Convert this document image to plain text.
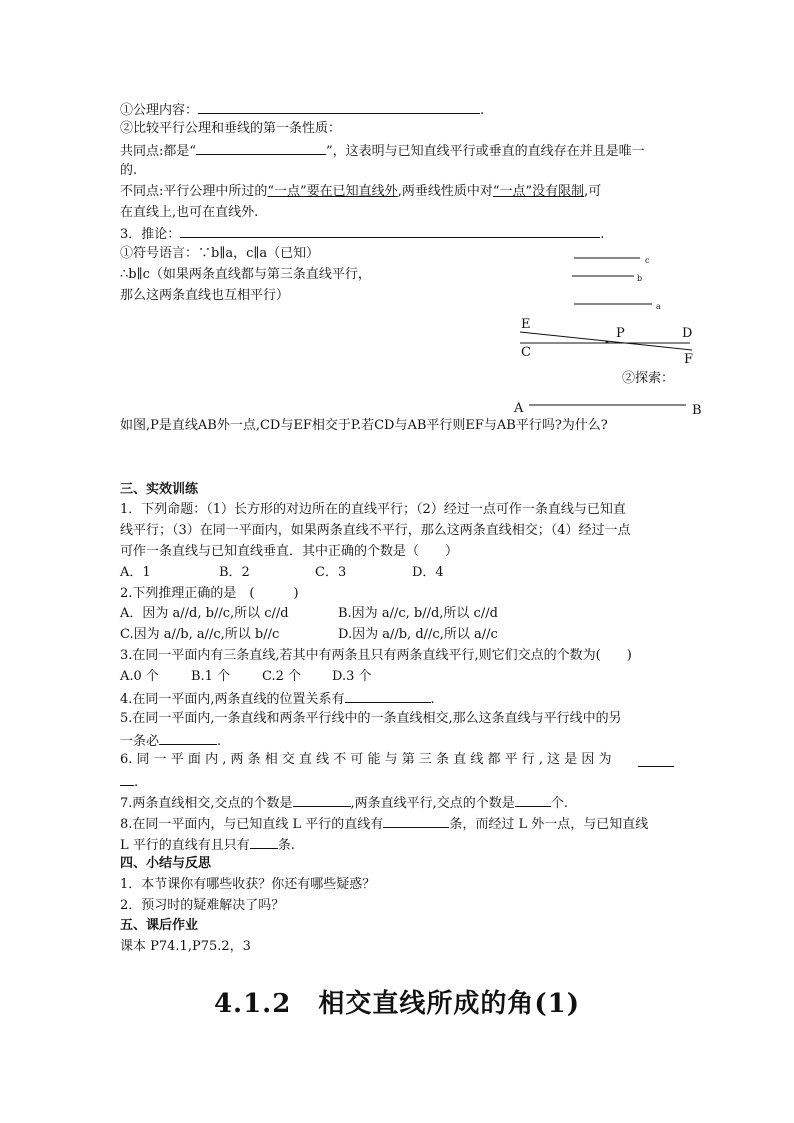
①公理内容：	.
②比较平行公理和垂线的第一条性质：
共同点:都是“	”，这表明与已知直线平行或垂直的直线存在并且是唯一
的.
不同点:平行公理中所过的“一点”要在已知直线外,两垂线性质中对“一点”没有限制,可
在直线上,也可在直线外.
3．推论：	.
①符号语言：∵b∥a，c∥a（已知）
∴b∥c（如果两条直线都与第三条直线平行，
那么这两条直线也互相平行）
c
b
a
E
P	D
C	F
A	B
②探索：
如图,P是直线AB外一点,CD与EF相交于P.若CD与AB平行则EF与AB平行吗?为什么?
三、实效训练
1．下列命题：（1）长方形的对边所在的直线平行；（2）经过一点可作一条直线与已知直
线平行；（3）在同一平面内，如果两条直线不平行，那么这两条直线相交；（4）经过一点
可作一条直线与已知直线垂直．其中正确的个数是（　　）
A．1	B．2	C．3	D．4
2.下列推理正确的是　(　　　)
A．因为 a//d, b//c,所以 c//d	B.因为 a//c, b//d,所以 c//d
C.因为 a//b, a//c,所以 b//c	D.因为 a//b, d//c,所以 a//c
3.在同一平面内有三条直线,若其中有两条且只有两条直线平行,则它们交点的个数为(　　)
A.0 个 B.1 个 C.2 个 D.3 个
4.在同一平面内,两条直线的位置关系有	.
5.在同一平面内,一条直线和两条平行线中的一条直线相交,那么这条直线与平行线中的另
一条必	.
6. 同 一 平 面 内 , 两 条 相 交 直 线 不 可 能 与 第 三 条 直 线 都 平 行 , 这 是 因 为
.
7.两条直线相交,交点的个数是	,两条直线平行,交点的个数是	个.
8.在同一平面内，与已知直线 L 平行的直线有	条，而经过 L 外一点，与已知直线
L 平行的直线有且只有 条.
四、小结与反思
1．本节课你有哪些收获？你还有哪些疑惑？
2．预习时的疑难解决了吗？
五、课后作业
课本 P74.1,P75.2，3
4.1.2　相交直线所成的角(1)
